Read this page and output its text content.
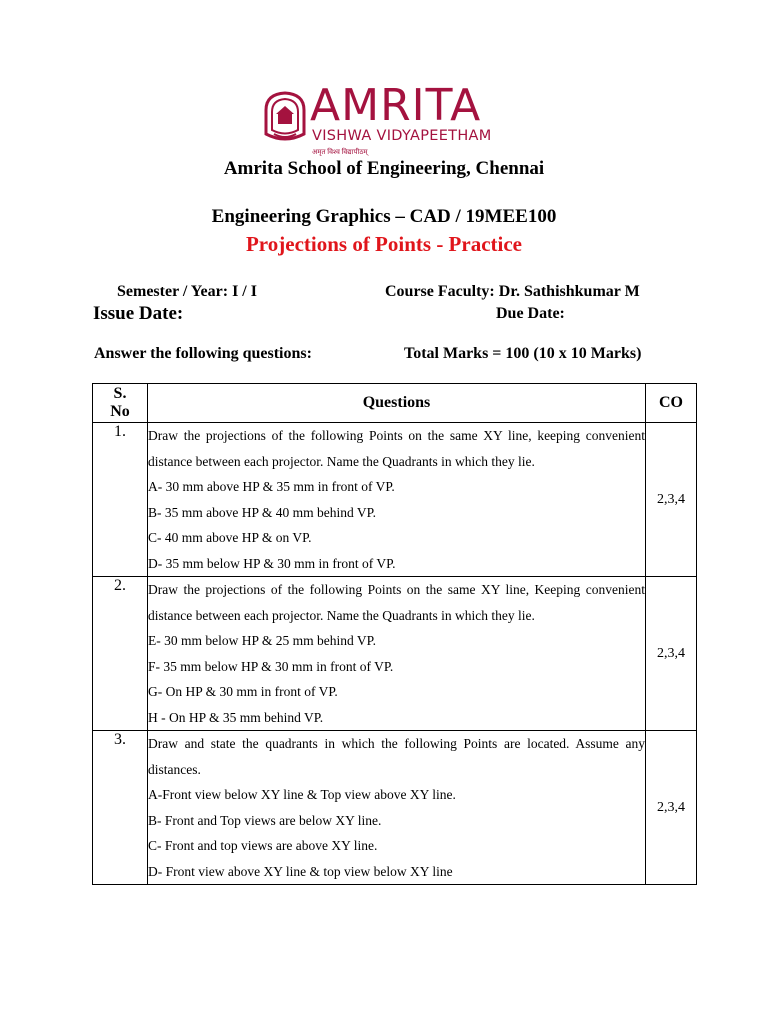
AMRITA
VISHWA VIDYAPEETHAM
अमृत विश्व विद्यापीठम्
Amrita School of Engineering, Chennai
Engineering Graphics – CAD / 19MEE100
Projections of Points - Practice
Semester / Year: I / I	Course Faculty: Dr. Sathishkumar M
Issue Date:	Due Date:
Answer the following questions:	Total Marks = 100 (10 x 10 Marks)
S.
No	Questions	CO
1.	Draw the projections of the following Points on the same XY line, keeping convenient distance between each projector. Name the Quadrants in which they lie.
A- 30 mm above HP & 35 mm in front of VP.
B- 35 mm above HP & 40 mm behind VP.
C- 40 mm above HP & on VP.
D- 35 mm below HP & 30 mm in front of VP.	2,3,4
2.	Draw the projections of the following Points on the same XY line, Keeping convenient distance between each projector. Name the Quadrants in which they lie.
E- 30 mm below HP & 25 mm behind VP.
F- 35 mm below HP & 30 mm in front of VP.
G- On HP & 30 mm in front of VP.
H - On HP & 35 mm behind VP.	2,3,4
3.	Draw and state the quadrants in which the following Points are located. Assume any distances.
A-Front view below XY line & Top view above XY line.
B- Front and Top views are below XY line.
C- Front and top views are above XY line.
D- Front view above XY line & top view below XY line	2,3,4
